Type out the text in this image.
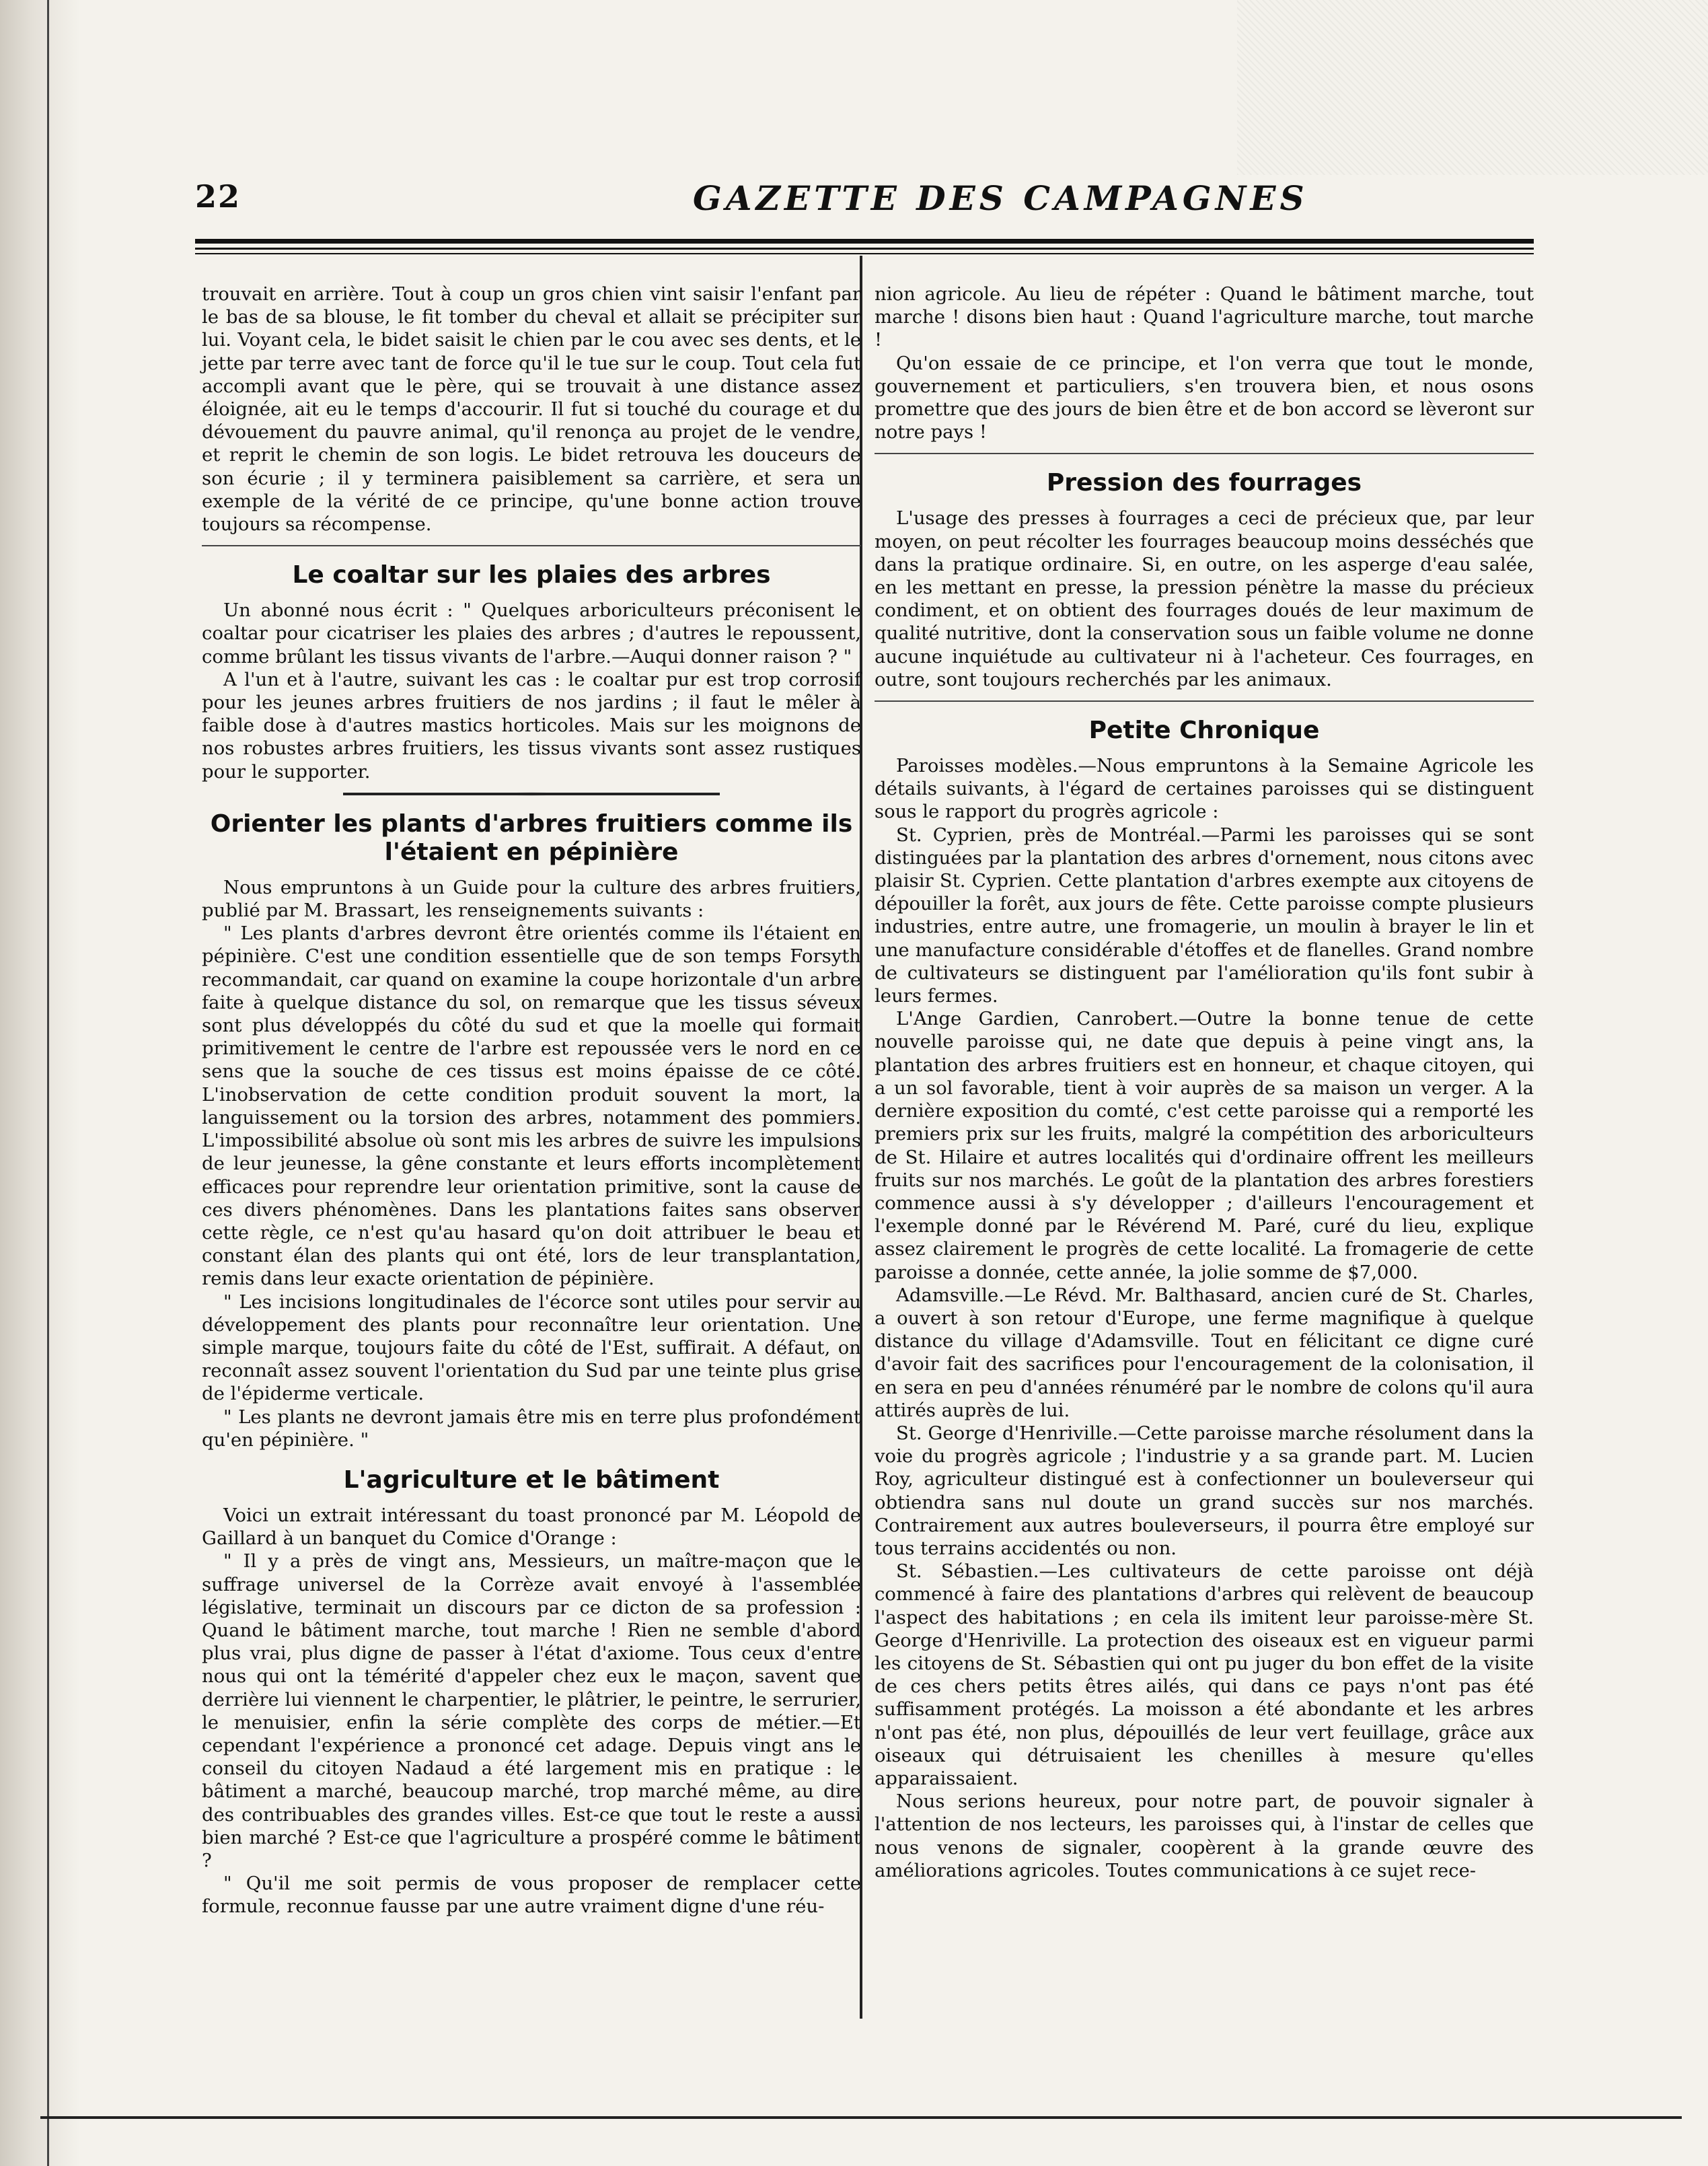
22	GAZETTE DES CAMPAGNES

trouvait en arrière. Tout à coup un gros chien vint saisir l'enfant par le bas de sa blouse, le fit tomber du cheval et allait se précipiter sur lui. Voyant cela, le bidet saisit le chien par le cou avec ses dents, et le jette par terre avec tant de force qu'il le tue sur le coup. Tout cela fut accompli avant que le père, qui se trouvait à une distance assez éloignée, ait eu le temps d'accourir. Il fut si touché du courage et du dévouement du pauvre animal, qu'il renonça au projet de le vendre, et reprit le chemin de son logis. Le bidet retrouva les douceurs de son écurie ; il y terminera paisiblement sa carrière, et sera un exemple de la vérité de ce principe, qu'une bonne action trouve toujours sa récompense.

Le coaltar sur les plaies des arbres

Un abonné nous écrit : " Quelques arboriculteurs préconisent le coaltar pour cicatriser les plaies des arbres ; d'autres le repoussent, comme brûlant les tissus vivants de l'arbre.—Auqui donner raison ? "

A l'un et à l'autre, suivant les cas : le coaltar pur est trop corrosif pour les jeunes arbres fruitiers de nos jardins ; il faut le mêler à faible dose à d'autres mastics horticoles. Mais sur les moignons de nos robustes arbres fruitiers, les tissus vivants sont assez rustiques pour le supporter.

Orienter les plants d'arbres fruitiers comme ils l'étaient en pépinière

Nous empruntons à un Guide pour la culture des arbres fruitiers, publié par M. Brassart, les renseignements suivants :

" Les plants d'arbres devront être orientés comme ils l'étaient en pépinière. C'est une condition essentielle que de son temps Forsyth recommandait, car quand on examine la coupe horizontale d'un arbre faite à quelque distance du sol, on remarque que les tissus séveux sont plus développés du côté du sud et que la moelle qui formait primitivement le centre de l'arbre est repoussée vers le nord en ce sens que la souche de ces tissus est moins épaisse de ce côté. L'inobservation de cette condition produit souvent la mort, la languissement ou la torsion des arbres, notamment des pommiers. L'impossibilité absolue où sont mis les arbres de suivre les impulsions de leur jeunesse, la gêne constante et leurs efforts incomplètement efficaces pour reprendre leur orientation primitive, sont la cause de ces divers phénomènes. Dans les plantations faites sans observer cette règle, ce n'est qu'au hasard qu'on doit attribuer le beau et constant élan des plants qui ont été, lors de leur transplantation, remis dans leur exacte orientation de pépinière.

" Les incisions longitudinales de l'écorce sont utiles pour servir au développement des plants pour reconnaître leur orientation. Une simple marque, toujours faite du côté de l'Est, suffirait. A défaut, on reconnaît assez souvent l'orientation du Sud par une teinte plus grise de l'épiderme verticale.

" Les plants ne devront jamais être mis en terre plus profondément qu'en pépinière. "

L'agriculture et le bâtiment

Voici un extrait intéressant du toast prononcé par M. Léopold de Gaillard à un banquet du Comice d'Orange :

" Il y a près de vingt ans, Messieurs, un maître-maçon que le suffrage universel de la Corrèze avait envoyé à l'assemblée législative, terminait un discours par ce dicton de sa profession : Quand le bâtiment marche, tout marche ! Rien ne semble d'abord plus vrai, plus digne de passer à l'état d'axiome. Tous ceux d'entre nous qui ont la témérité d'appeler chez eux le maçon, savent que derrière lui viennent le charpentier, le plâtrier, le peintre, le serrurier, le menuisier, enfin la série complète des corps de métier.—Et cependant l'expérience a prononcé cet adage. Depuis vingt ans le conseil du citoyen Nadaud a été largement mis en pratique : le bâtiment a marché, beaucoup marché, trop marché même, au dire des contribuables des grandes villes. Est-ce que tout le reste a aussi bien marché ? Est-ce que l'agriculture a prospéré comme le bâtiment ?

" Qu'il me soit permis de vous proposer de remplacer cette formule, reconnue fausse par une autre vraiment digne d'une réu-

nion agricole. Au lieu de répéter : Quand le bâtiment marche, tout marche ! disons bien haut : Quand l'agriculture marche, tout marche !

Qu'on essaie de ce principe, et l'on verra que tout le monde, gouvernement et particuliers, s'en trouvera bien, et nous osons promettre que des jours de bien être et de bon accord se lèveront sur notre pays !

Pression des fourrages

L'usage des presses à fourrages a ceci de précieux que, par leur moyen, on peut récolter les fourrages beaucoup moins desséchés que dans la pratique ordinaire. Si, en outre, on les asperge d'eau salée, en les mettant en presse, la pression pénètre la masse du précieux condiment, et on obtient des fourrages doués de leur maximum de qualité nutritive, dont la conservation sous un faible volume ne donne aucune inquiétude au cultivateur ni à l'acheteur. Ces fourrages, en outre, sont toujours recherchés par les animaux.

Petite Chronique

Paroisses modèles.—Nous empruntons à la Semaine Agricole les détails suivants, à l'égard de certaines paroisses qui se distinguent sous le rapport du progrès agricole :

St. Cyprien, près de Montréal.—Parmi les paroisses qui se sont distinguées par la plantation des arbres d'ornement, nous citons avec plaisir St. Cyprien. Cette plantation d'arbres exempte aux citoyens de dépouiller la forêt, aux jours de fête. Cette paroisse compte plusieurs industries, entre autre, une fromagerie, un moulin à brayer le lin et une manufacture considérable d'étoffes et de flanelles. Grand nombre de cultivateurs se distinguent par l'amélioration qu'ils font subir à leurs fermes.

L'Ange Gardien, Canrobert.—Outre la bonne tenue de cette nouvelle paroisse qui, ne date que depuis à peine vingt ans, la plantation des arbres fruitiers est en honneur, et chaque citoyen, qui a un sol favorable, tient à voir auprès de sa maison un verger. A la dernière exposition du comté, c'est cette paroisse qui a remporté les premiers prix sur les fruits, malgré la compétition des arboriculteurs de St. Hilaire et autres localités qui d'ordinaire offrent les meilleurs fruits sur nos marchés. Le goût de la plantation des arbres forestiers commence aussi à s'y développer ; d'ailleurs l'encouragement et l'exemple donné par le Révérend M. Paré, curé du lieu, explique assez clairement le progrès de cette localité. La fromagerie de cette paroisse a donnée, cette année, la jolie somme de $7,000.

Adamsville.—Le Révd. Mr. Balthasard, ancien curé de St. Charles, a ouvert à son retour d'Europe, une ferme magnifique à quelque distance du village d'Adamsville. Tout en félicitant ce digne curé d'avoir fait des sacrifices pour l'encouragement de la colonisation, il en sera en peu d'années rénuméré par le nombre de colons qu'il aura attirés auprès de lui.

St. George d'Henriville.—Cette paroisse marche résolument dans la voie du progrès agricole ; l'industrie y a sa grande part. M. Lucien Roy, agriculteur distingué est à confectionner un bouleverseur qui obtiendra sans nul doute un grand succès sur nos marchés. Contrairement aux autres bouleverseurs, il pourra être employé sur tous terrains accidentés ou non.

St. Sébastien.—Les cultivateurs de cette paroisse ont déjà commencé à faire des plantations d'arbres qui relèvent de beaucoup l'aspect des habitations ; en cela ils imitent leur paroisse-mère St. George d'Henriville. La protection des oiseaux est en vigueur parmi les citoyens de St. Sébastien qui ont pu juger du bon effet de la visite de ces chers petits êtres ailés, qui dans ce pays n'ont pas été suffisamment protégés. La moisson a été abondante et les arbres n'ont pas été, non plus, dépouillés de leur vert feuillage, grâce aux oiseaux qui détruisaient les chenilles à mesure qu'elles apparaissaient.

Nous serions heureux, pour notre part, de pouvoir signaler à l'attention de nos lecteurs, les paroisses qui, à l'instar de celles que nous venons de signaler, coopèrent à la grande œuvre des améliorations agricoles. Toutes communications à ce sujet rece-
